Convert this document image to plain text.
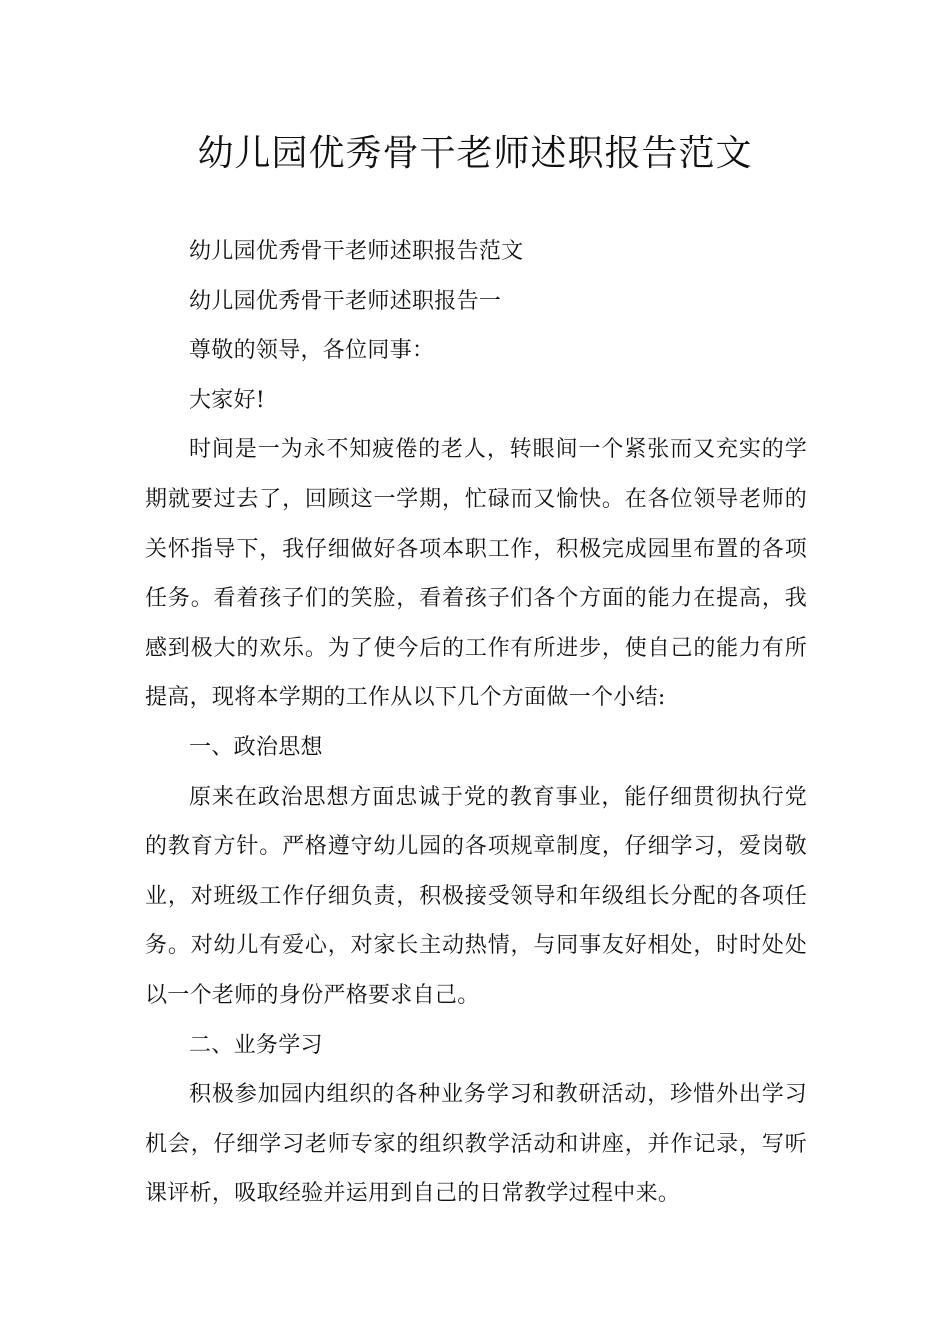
幼儿园优秀骨干老师述职报告范文

幼儿园优秀骨干老师述职报告范文

幼儿园优秀骨干老师述职报告一

尊敬的领导，各位同事：

大家好!

时间是一为永不知疲倦的老人，转眼间一个紧张而又充实的学期就要过去了，回顾这一学期，忙碌而又愉快。在各位领导老师的关怀指导下，我仔细做好各项本职工作，积极完成园里布置的各项任务。看着孩子们的笑脸，看着孩子们各个方面的能力在提高，我感到极大的欢乐。为了使今后的工作有所进步，使自己的能力有所提高，现将本学期的工作从以下几个方面做一个小结:

一、政治思想

原来在政治思想方面忠诚于党的教育事业，能仔细贯彻执行党的教育方针。严格遵守幼儿园的各项规章制度，仔细学习，爱岗敬业，对班级工作仔细负责，积极接受领导和年级组长分配的各项任务。对幼儿有爱心，对家长主动热情，与同事友好相处，时时处处以一个老师的身份严格要求自己。

二、业务学习

积极参加园内组织的各种业务学习和教研活动，珍惜外出学习机会，仔细学习老师专家的组织教学活动和讲座，并作记录，写听课评析，吸取经验并运用到自己的日常教学过程中来。
